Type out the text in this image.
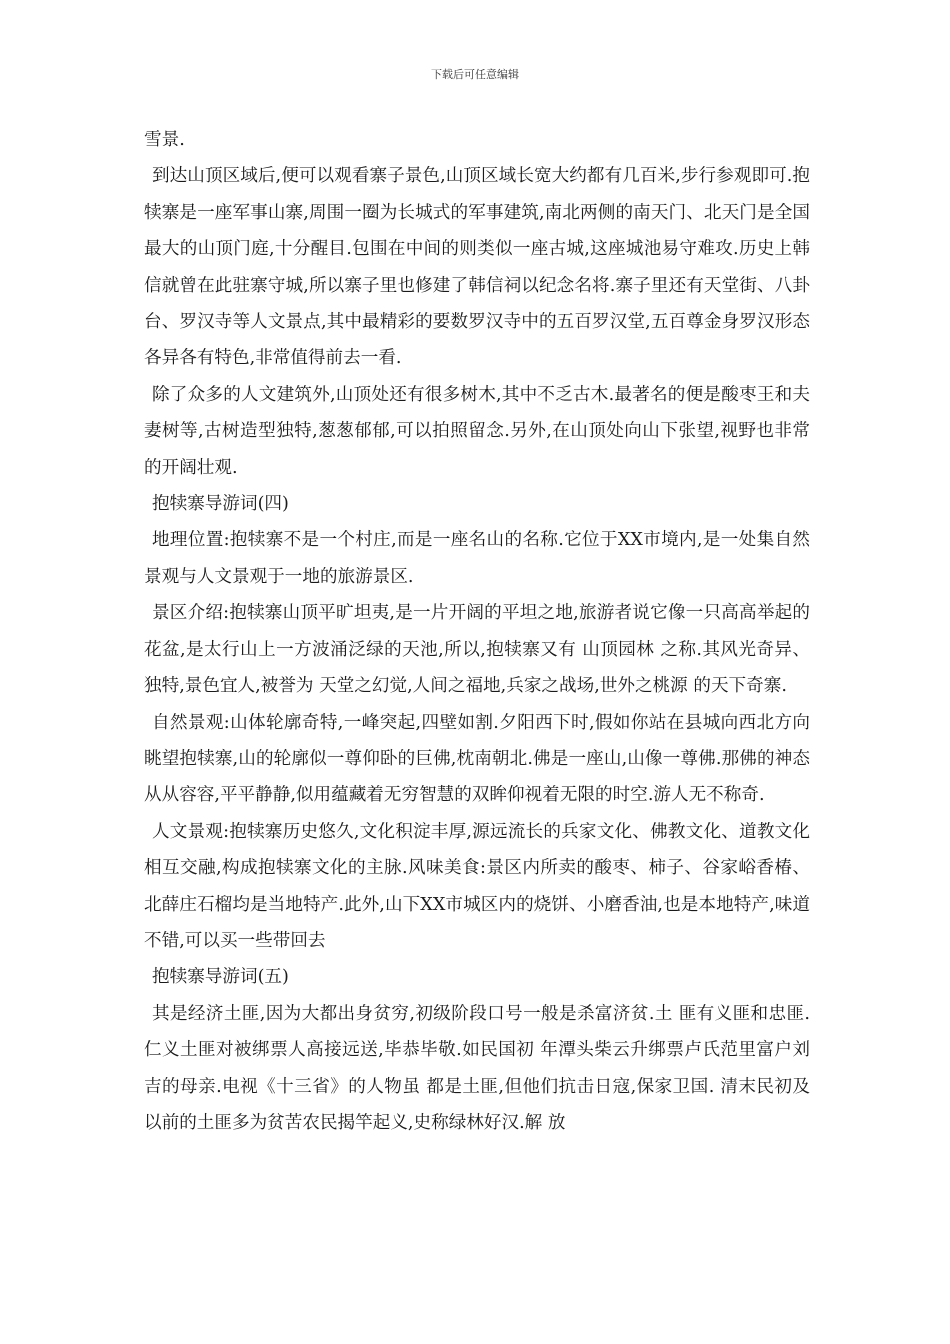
下载后可任意编辑

雪景.

到达山顶区域后,便可以观看寨子景色,山顶区域长宽大约都有几百米,步行参观即可.抱犊寨是一座军事山寨,周围一圈为长城式的军事建筑,南北两侧的南天门、北天门是全国最大的山顶门庭,十分醒目.包围在中间的则类似一座古城,这座城池易守难攻.历史上韩信就曾在此驻寨守城,所以寨子里也修建了韩信祠以纪念名将.寨子里还有天堂街、八卦台、罗汉寺等人文景点,其中最精彩的要数罗汉寺中的五百罗汉堂,五百尊金身罗汉形态各异各有特色,非常值得前去一看.

除了众多的人文建筑外,山顶处还有很多树木,其中不乏古木.最著名的便是酸枣王和夫妻树等,古树造型独特,葱葱郁郁,可以拍照留念.另外,在山顶处向山下张望,视野也非常的开阔壮观.

抱犊寨导游词(四)

地理位置:抱犊寨不是一个村庄,而是一座名山的名称.它位于XX市境内,是一处集自然景观与人文景观于一地的旅游景区.

景区介绍:抱犊寨山顶平旷坦夷,是一片开阔的平坦之地,旅游者说它像一只高高举起的花盆,是太行山上一方波涌泛绿的天池,所以,抱犊寨又有 山顶园林 之称.其风光奇异、独特,景色宜人,被誉为 天堂之幻觉,人间之福地,兵家之战场,世外之桃源 的天下奇寨.

自然景观:山体轮廓奇特,一峰突起,四壁如割.夕阳西下时,假如你站在县城向西北方向眺望抱犊寨,山的轮廓似一尊仰卧的巨佛,枕南朝北.佛是一座山,山像一尊佛.那佛的神态从从容容,平平静静,似用蕴藏着无穷智慧的双眸仰视着无限的时空.游人无不称奇.

人文景观:抱犊寨历史悠久,文化积淀丰厚,源远流长的兵家文化、佛教文化、道教文化相互交融,构成抱犊寨文化的主脉.风味美食:景区内所卖的酸枣、柿子、谷家峪香椿、北薛庄石榴均是当地特产.此外,山下XX市城区内的烧饼、小磨香油,也是本地特产,味道不错,可以买一些带回去

抱犊寨导游词(五)

其是经济土匪,因为大都出身贫穷,初级阶段口号一般是杀富济贫.土 匪有义匪和忠匪.仁义土匪对被绑票人高接远送,毕恭毕敬.如民国初 年潭头柴云升绑票卢氏范里富户刘吉的母亲.电视《十三省》的人物虽 都是土匪,但他们抗击日寇,保家卫国. 清末民初及以前的土匪多为贫苦农民揭竿起义,史称绿林好汉.解 放
